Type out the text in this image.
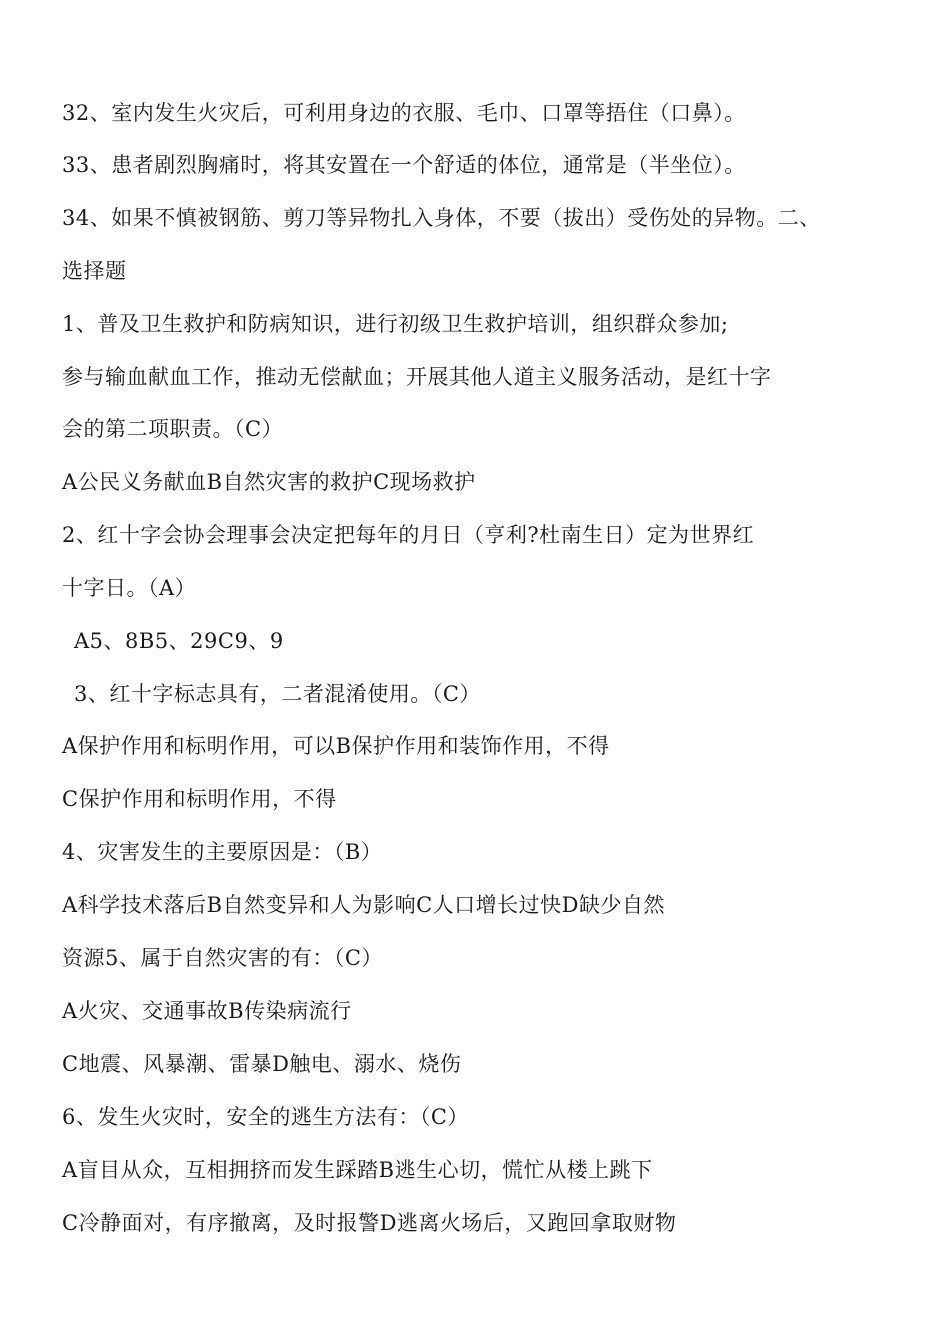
32、室内发生火灾后，可利用身边的衣服、毛巾、口罩等捂住（口鼻）。
33、患者剧烈胸痛时，将其安置在一个舒适的体位，通常是（半坐位）。
34、如果不慎被钢筋、剪刀等异物扎入身体，不要（拔出）受伤处的异物。二、
选择题
1、普及卫生救护和防病知识，进行初级卫生救护培训，组织群众参加;
参与输血献血工作，推动无偿献血；开展其他人道主义服务活动，是红十字
会的第二项职责。（C）
A公民义务献血B自然灾害的救护C现场救护
2、红十字会协会理事会决定把每年的月日（亨利?杜南生日）定为世界红
十字日。（A）
A5、8B5、29C9、9
3、红十字标志具有，二者混淆使用。（C）
A保护作用和标明作用，可以B保护作用和装饰作用，不得
C保护作用和标明作用，不得
4、灾害发生的主要原因是：（B）
A科学技术落后B自然变异和人为影响C人口增长过快D缺少自然
资源5、属于自然灾害的有：（C）
A火灾、交通事故B传染病流行
C地震、风暴潮、雷暴D触电、溺水、烧伤
6、发生火灾时，安全的逃生方法有：（C）
A盲目从众，互相拥挤而发生踩踏B逃生心切，慌忙从楼上跳下
C冷静面对，有序撤离，及时报警D逃离火场后，又跑回拿取财物
